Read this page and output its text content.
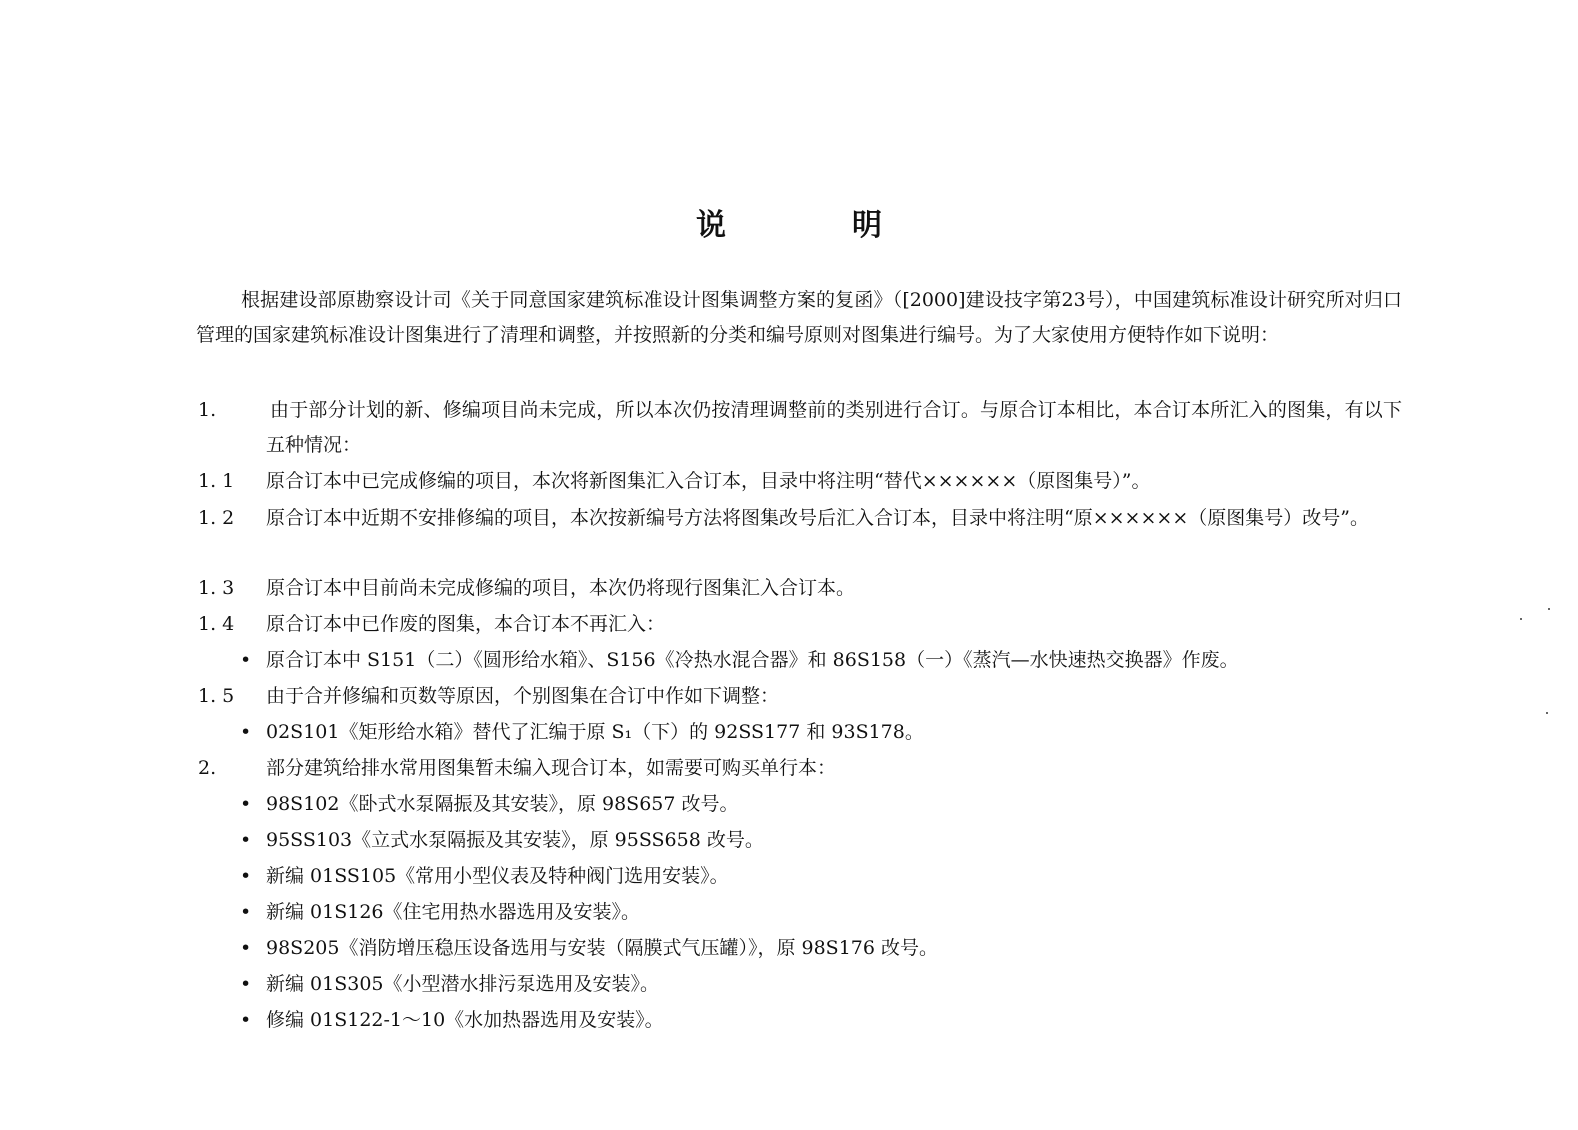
说　明

根据建设部原勘察设计司《关于同意国家建筑标准设计图集调整方案的复函》（[2000]建设技字第23号），中国建筑标准设计研究所对归口管理的国家建筑标准设计图集进行了清理和调整，并按照新的分类和编号原则对图集进行编号。为了大家使用方便特作如下说明：

1.	由于部分计划的新、修编项目尚未完成，所以本次仍按清理调整前的类别进行合订。与原合订本相比，本合订本所汇入的图集，有以下五种情况：
1. 1 原合订本中已完成修编的项目，本次将新图集汇入合订本，目录中将注明“替代××××××（原图集号）”。
1. 2 原合订本中近期不安排修编的项目，本次按新编号方法将图集改号后汇入合订本，目录中将注明“原××××××（原图集号）改号”。
1. 3 原合订本中目前尚未完成修编的项目，本次仍将现行图集汇入合订本。
1. 4 原合订本中已作废的图集，本合订本不再汇入：
• 原合订本中 S151（二）《圆形给水箱》、S156《冷热水混合器》和 86S158（一）《蒸汽—水快速热交换器》作废。
1. 5 由于合并修编和页数等原因，个别图集在合订中作如下调整：
• 02S101《矩形给水箱》替代了汇编于原 S₁（下）的 92SS177 和 93S178。
2.	部分建筑给排水常用图集暂未编入现合订本，如需要可购买单行本：
• 98S102《卧式水泵隔振及其安装》，原 98S657 改号。
• 95SS103《立式水泵隔振及其安装》，原 95SS658 改号。
• 新编 01SS105《常用小型仪表及特种阀门选用安装》。
• 新编 01S126《住宅用热水器选用及安装》。
• 98S205《消防增压稳压设备选用与安装（隔膜式气压罐）》，原 98S176 改号。
• 新编 01S305《小型潜水排污泵选用及安装》。
• 修编 01S122-1～10《水加热器选用及安装》。
